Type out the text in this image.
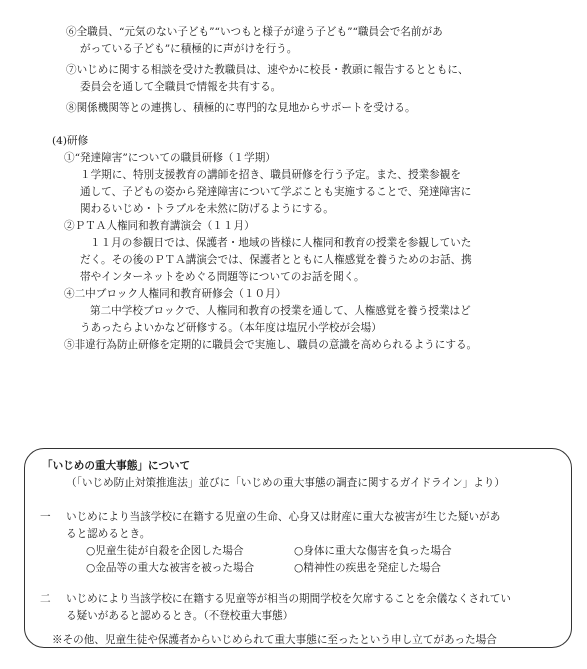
⑥全職員、“元気のない子ども”“いつもと様子が違う子ども”“職員会で名前があ
がっている子ども”に積極的に声がけを行う。
⑦いじめに関する相談を受けた教職員は、速やかに校長・教頭に報告するとともに、
委員会を通して全職員で情報を共有する。
⑧関係機関等との連携し、積極的に専門的な見地からサポートを受ける。
(4)研修
①“発達障害”についての職員研修（１学期）
１学期に、特別支援教育の講師を招き、職員研修を行う予定。また、授業参観を
通して、子どもの姿から発達障害について学ぶことも実施することで、発達障害に
関わるいじめ・トラブルを未然に防げるようにする。
②ＰＴＡ人権同和教育講演会（１１月）
１１月の参観日では、保護者・地域の皆様に人権同和教育の授業を参観していた
だく。その後のＰＴＡ講演会では、保護者とともに人権感覚を養うためのお話、携
帯やインターネットをめぐる問題等についてのお話を聞く。
④二中ブロック人権同和教育研修会（１０月）
第二中学校ブロックで、人権同和教育の授業を通して、人権感覚を養う授業はど
うあったらよいかなど研修する。（本年度は塩尻小学校が会場）
⑤非違行為防止研修を定期的に職員会で実施し、職員の意識を高められるようにする。
「いじめの重大事態」について
（「いじめ防止対策推進法」並びに「いじめの重大事態の調査に関するガイドライン」より）
一 いじめにより当該学校に在籍する児童の生命、心身又は財産に重大な被害が生じた疑いがあ
ると認めるとき。
○児童生徒が自殺を企図した場合	○身体に重大な傷害を負った場合
○金品等の重大な被害を被った場合	○精神性の疾患を発症した場合
二 いじめにより当該学校に在籍する児童等が相当の期間学校を欠席することを余儀なくされてい
る疑いがあると認めるとき。（不登校重大事態）
※その他、児童生徒や保護者からいじめられて重大事態に至ったという申し立てがあった場合
